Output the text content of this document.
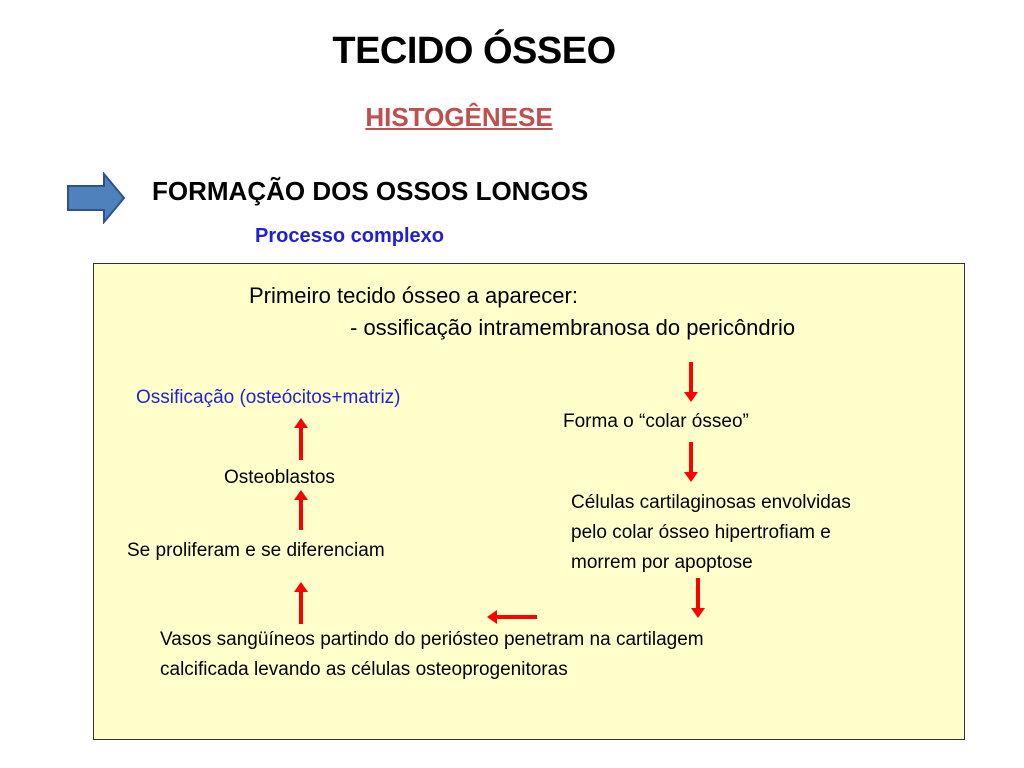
TECIDO ÓSSEO
HISTOGÊNESE
FORMAÇÃO DOS OSSOS LONGOS
Processo complexo
Primeiro tecido ósseo a aparecer:
- ossificação intramembranosa do pericôndrio
Ossificação (osteócitos+matriz)
Osteoblastos
Se proliferam e se diferenciam
Forma o “colar ósseo”
Células cartilaginosas envolvidas
pelo colar ósseo hipertrofiam e
morrem por apoptose
Vasos sangüíneos partindo do periósteo penetram na cartilagem
calcificada levando as células osteoprogenitoras
